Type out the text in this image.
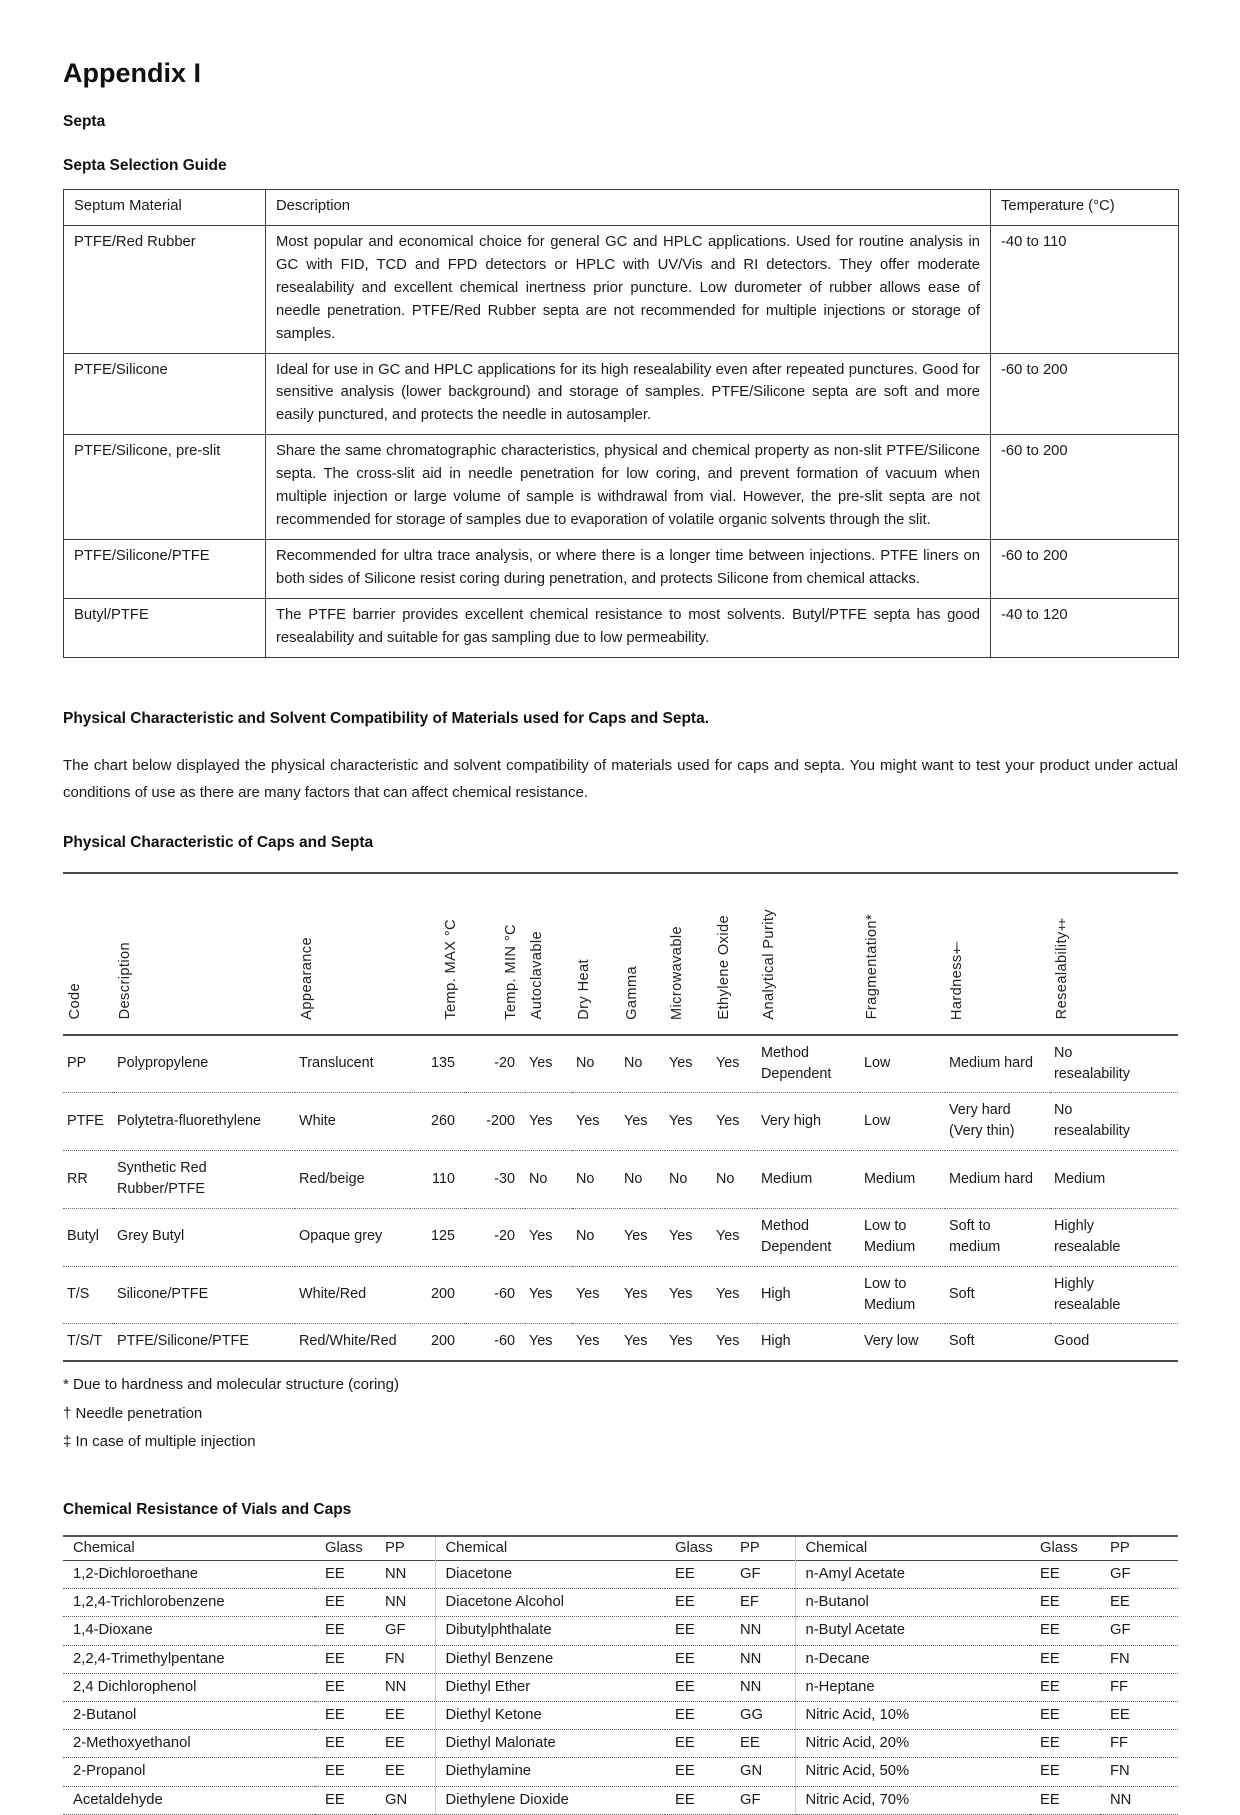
Appendix I
Septa
Septa Selection Guide
Septum Material	Description	Temperature (°C)
PTFE/Red Rubber	Most popular and economical choice for general GC and HPLC applications. Used for routine analysis in GC with FID, TCD and FPD detectors or HPLC with UV/Vis and RI detectors. They offer moderate resealability and excellent chemical inertness prior puncture. Low durometer of rubber allows ease of needle penetration. PTFE/Red Rubber septa are not recommended for multiple injections or storage of samples.	-40 to 110
PTFE/Silicone	Ideal for use in GC and HPLC applications for its high resealability even after repeated punctures. Good for sensitive analysis (lower background) and storage of samples. PTFE/Silicone septa are soft and more easily punctured, and protects the needle in autosampler.	-60 to 200
PTFE/Silicone, pre-slit	Share the same chromatographic characteristics, physical and chemical property as non-slit PTFE/Silicone septa. The cross-slit aid in needle penetration for low coring, and prevent formation of vacuum when multiple injection or large volume of sample is withdrawal from vial. However, the pre-slit septa are not recommended for storage of samples due to evaporation of volatile organic solvents through the slit.	-60 to 200
PTFE/Silicone/PTFE	Recommended for ultra trace analysis, or where there is a longer time between injections. PTFE liners on both sides of Silicone resist coring during penetration, and protects Silicone from chemical attacks.	-60 to 200
Butyl/PTFE	The PTFE barrier provides excellent chemical resistance to most solvents. Butyl/PTFE septa has good resealability and suitable for gas sampling due to low permeability.	-40 to 120
Physical Characteristic and Solvent Compatibility of Materials used for Caps and Septa.

The chart below displayed the physical characteristic and solvent compatibility of materials used for caps and septa. You might want to test your product under actual conditions of use as there are many factors that can affect chemical resistance.

Physical Characteristic of Caps and Septa
Code	Description	Appearance	Temp. MAX °C	Temp. MIN °C	Autoclavable	Dry Heat	Gamma	Microwavable	Ethylene Oxide	Analytical Purity	Fragmentation*	Hardness†	Resealability‡
PP	Polypropylene	Translucent	135	-20	Yes	No	No	Yes	Yes	Method Dependent	Low	Medium hard	No resealability
PTFE	Polytetra-fluorethylene	White	260	-200	Yes	Yes	Yes	Yes	Yes	Very high	Low	Very hard (Very thin)	No resealability
RR	Synthetic Red Rubber/PTFE	Red/beige	110	-30	No	No	No	No	No	Medium	Medium	Medium hard	Medium
Butyl	Grey Butyl	Opaque grey	125	-20	Yes	No	Yes	Yes	Yes	Method Dependent	Low to Medium	Soft to medium	Highly resealable
T/S	Silicone/PTFE	White/Red	200	-60	Yes	Yes	Yes	Yes	Yes	High	Low to Medium	Soft	Highly resealable
T/S/T	PTFE/Silicone/PTFE	Red/White/Red	200	-60	Yes	Yes	Yes	Yes	Yes	High	Very low	Soft	Good
* Due to hardness and molecular structure (coring)
† Needle penetration
‡ In case of multiple injection
Chemical Resistance of Vials and Caps
Chemical	Glass	PP	Chemical	Glass	PP	Chemical	Glass	PP
1,2-Dichloroethane	EE	NN	Diacetone	EE	GF	n-Amyl Acetate	EE	GF
1,2,4-Trichlorobenzene	EE	NN	Diacetone Alcohol	EE	EF	n-Butanol	EE	EE
1,4-Dioxane	EE	GF	Dibutylphthalate	EE	NN	n-Butyl Acetate	EE	GF
2,2,4-Trimethylpentane	EE	FN	Diethyl Benzene	EE	NN	n-Decane	EE	FN
2,4 Dichlorophenol	EE	NN	Diethyl Ether	EE	NN	n-Heptane	EE	FF
2-Butanol	EE	EE	Diethyl Ketone	EE	GG	Nitric Acid, 10%	EE	EE
2-Methoxyethanol	EE	EE	Diethyl Malonate	EE	EE	Nitric Acid, 20%	EE	FF
2-Propanol	EE	EE	Diethylamine	EE	GN	Nitric Acid, 50%	EE	FN
Acetaldehyde	EE	GN	Diethylene Dioxide	EE	GF	Nitric Acid, 70%	EE	NN
